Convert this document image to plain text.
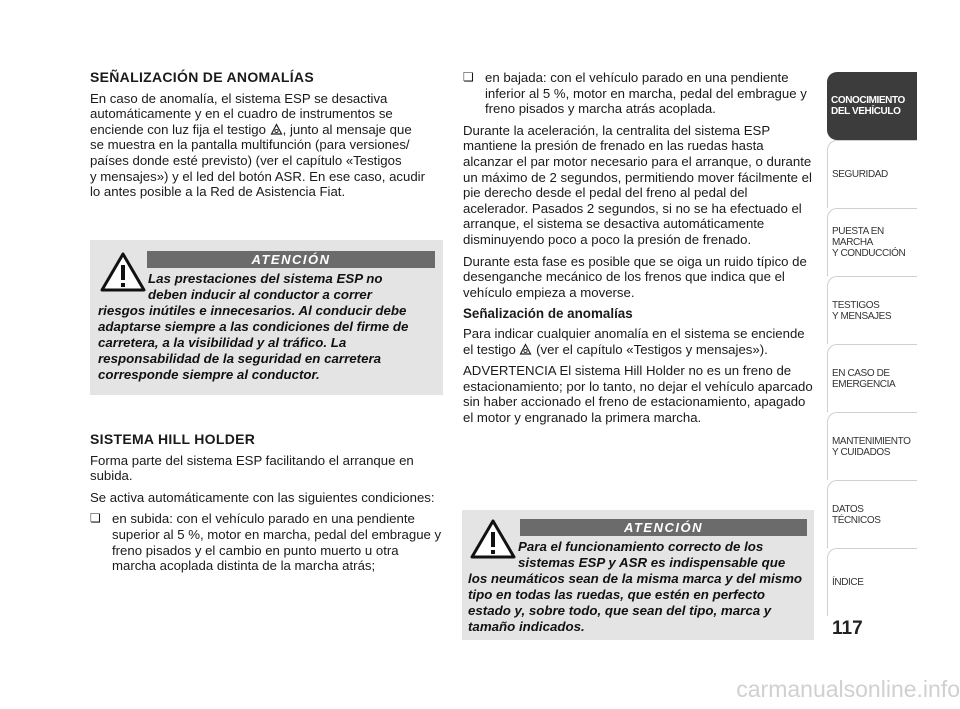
SEÑALIZACIÓN DE ANOMALÍAS

En caso de anomalía, el sistema ESP se desactiva
automáticamente y en el cuadro de instrumentos se
enciende con luz fija el testigo , junto al mensaje que
se muestra en la pantalla multifunción (para versiones/
países donde esté previsto) (ver el capítulo «Testigos
y mensajes») y el led del botón ASR. En ese caso, acudir
lo antes posible a la Red de Asistencia Fiat.

ATENCIÓN
Las prestaciones del sistema ESP no
deben inducir al conductor a correr
riesgos inútiles e innecesarios. Al conducir debe adaptarse siempre a las condiciones del firme de carretera, a la visibilidad y al tráfico. La responsabilidad de la seguridad en carretera corresponde siempre al conductor.
SISTEMA HILL HOLDER

Forma parte del sistema ESP facilitando el arranque en subida.

Se activa automáticamente con las siguientes condiciones:

❏ en subida: con el vehículo parado en una pendiente superior al 5 %, motor en marcha, pedal del embrague y freno pisados y el cambio en punto muerto u otra marcha acoplada distinta de la marcha atrás;
❏ en bajada: con el vehículo parado en una pendiente inferior al 5 %, motor en marcha, pedal del embrague y freno pisados y marcha atrás acoplada.

Durante la aceleración, la centralita del sistema ESP mantiene la presión de frenado en las ruedas hasta alcanzar el par motor necesario para el arranque, o durante un máximo de 2 segundos, permitiendo mover fácilmente el pie derecho desde el pedal del freno al pedal del acelerador. Pasados 2 segundos, si no se ha efectuado el arranque, el sistema se desactiva automáticamente disminuyendo poco a poco la presión de frenado.

Durante esta fase es posible que se oiga un ruido típico de desenganche mecánico de los frenos que indica que el vehículo empieza a moverse.

Señalización de anomalías

Para indicar cualquier anomalía en el sistema se enciende el testigo (ver el capítulo «Testigos y mensajes»).

ADVERTENCIA El sistema Hill Holder no es un freno de estacionamiento; por lo tanto, no dejar el vehículo aparcado sin haber accionado el freno de estacionamiento, apagado el motor y engranado la primera marcha.

ATENCIÓN
Para el funcionamiento correcto de los
sistemas ESP y ASR es indispensable que
los neumáticos sean de la misma marca y del mismo tipo en todas las ruedas, que estén en perfecto estado y, sobre todo, que sean del tipo, marca y tamaño indicados.
CONOCIMIENTO
DEL VEHÍCULO
SEGURIDAD
PUESTA EN
MARCHA
Y CONDUCCIÓN
TESTIGOS
Y MENSAJES
EN CASO DE
EMERGENCIA
MANTENIMIENTO
Y CUIDADOS
DATOS
TÉCNICOS
ÍNDICE
117
carmanualsonline.info
